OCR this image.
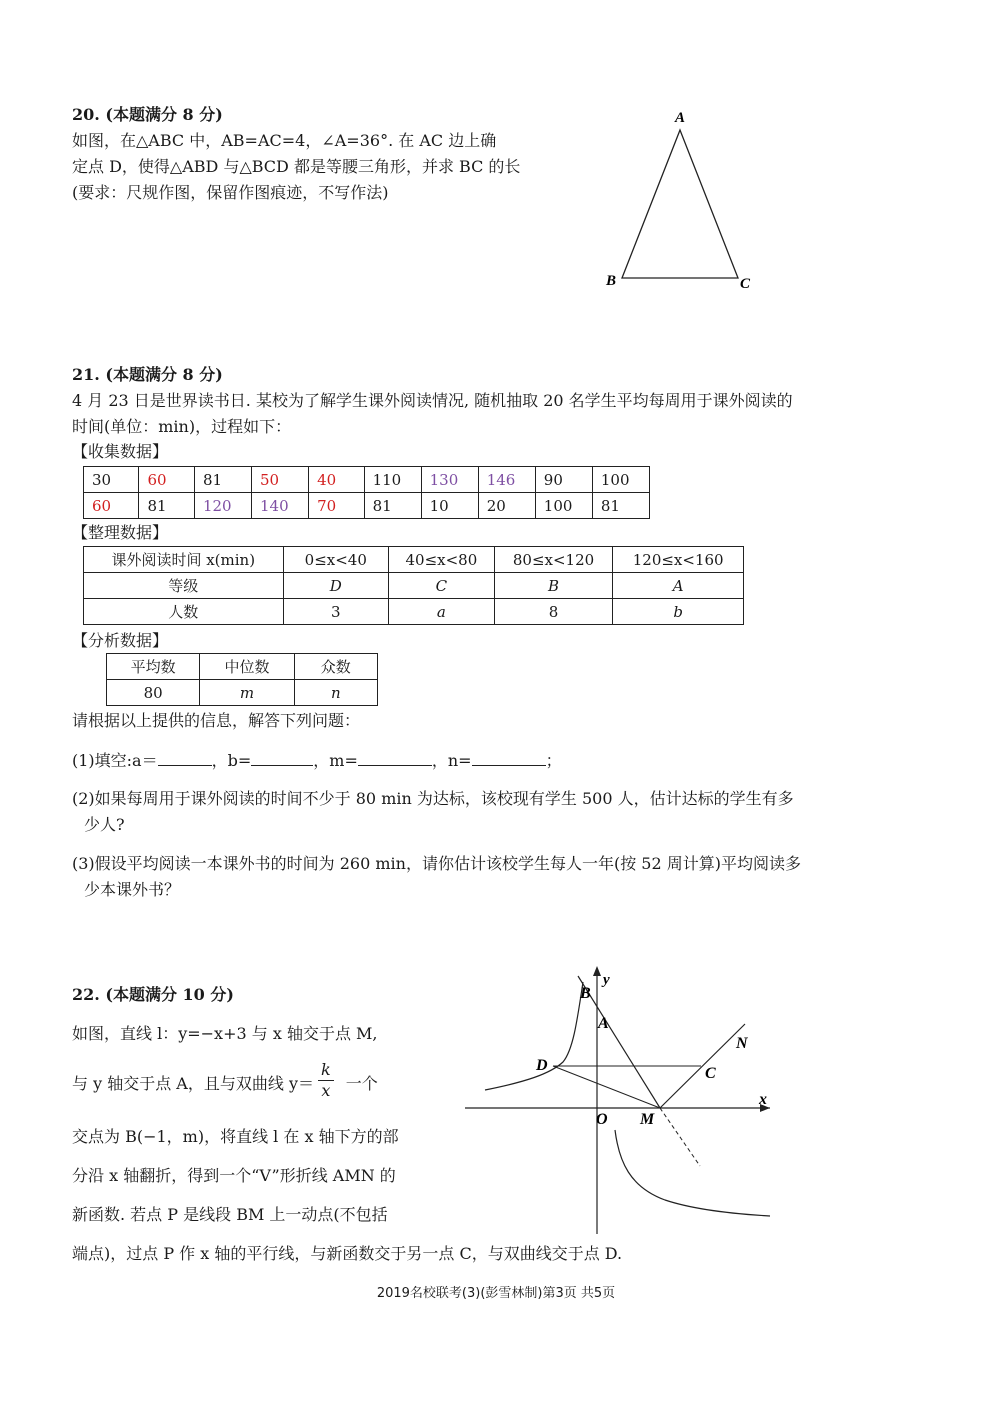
20. (本题满分 8 分)
如图，在△ABC 中，AB=AC=4，∠A=36°. 在 AC 边上确
定点 D，使得△ABD 与△BCD 都是等腰三角形，并求 BC 的长
(要求：尺规作图，保留作图痕迹，不写作法)
A
B	C
21. (本题满分 8 分)
4 月 23 日是世界读书日. 某校为了解学生课外阅读情况, 随机抽取 20 名学生平均每周用于课外阅读的
时间(单位：min)，过程如下：
【收集数据】
30	60	81	50	40	110	130	146	90	100
60	81	120	140	70	81	10	20	100	81
【整理数据】
课外阅读时间 x(min)	0≤x<40	40≤x<80	80≤x<120	120≤x<160
等级	D	C	B	A
人数	3	a	8	b
【分析数据】
平均数	中位数	众数
80	m	n
请根据以上提供的信息，解答下列问题：
(1)填空:a＝	，b=	，m=	，n=	；
(2)如果每周用于课外阅读的时间不少于 80 min 为达标，该校现有学生 500 人，估计达标的学生有多
少人?
(3)假设平均阅读一本课外书的时间为 260 min，请你估计该校学生每人一年(按 52 周计算)平均阅读多
少本课外书？
22. (本题满分 10 分)
如图，直线 l：y=−x+3 与 x 轴交于点 M,
与 y 轴交于点 A，且与双曲线 $y= \frac{k}{x}$ 一个
交点为 B(−1，m)，将直线 l 在 x 轴下方的部
分沿 x 轴翻折，得到一个“V”形折线 AMN 的
新函数. 若点 P 是线段 BM 上一动点(不包括
端点)，过点 P 作 x 轴的平行线，与新函数交于另一点 C，与双曲线交于点 D.
B
y
A
N
D	C
x
O M
2019名校联考(3)(彭雪林制)第3页 共5页
